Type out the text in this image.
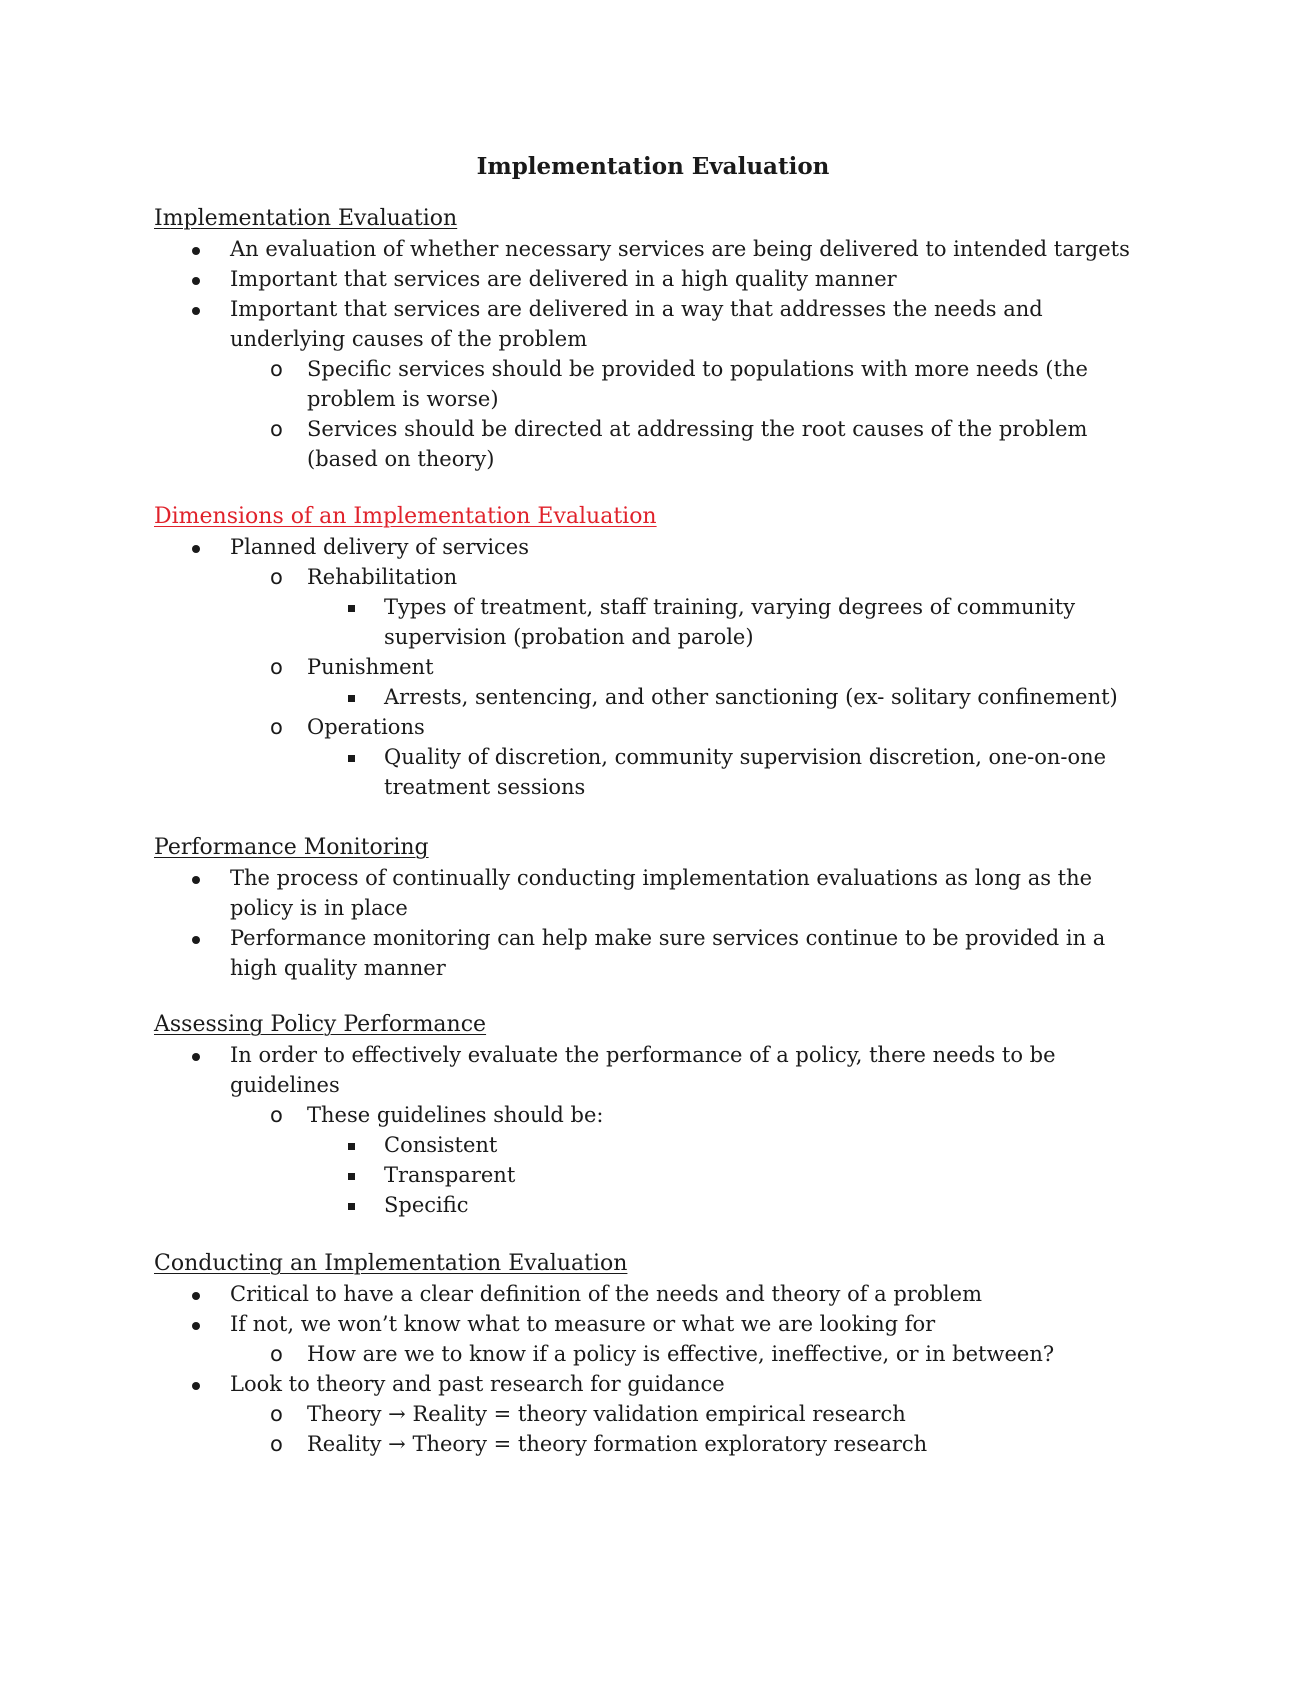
Implementation Evaluation
Implementation Evaluation
An evaluation of whether necessary services are being delivered to intended targets
Important that services are delivered in a high quality manner
Important that services are delivered in a way that addresses the needs and underlying causes of the problem
o Specific services should be provided to populations with more needs (the problem is worse)
o Services should be directed at addressing the root causes of the problem (based on theory)
Dimensions of an Implementation Evaluation
Planned delivery of services
o Rehabilitation
Types of treatment, staff training, varying degrees of community supervision (probation and parole)
o Punishment
Arrests, sentencing, and other sanctioning (ex- solitary confinement)
o Operations
Quality of discretion, community supervision discretion, one-on-one treatment sessions
Performance Monitoring
The process of continually conducting implementation evaluations as long as the policy is in place
Performance monitoring can help make sure services continue to be provided in a high quality manner
Assessing Policy Performance
In order to effectively evaluate the performance of a policy, there needs to be guidelines
o These guidelines should be:
Consistent
Transparent
Specific
Conducting an Implementation Evaluation
Critical to have a clear definition of the needs and theory of a problem
If not, we won’t know what to measure or what we are looking for
o How are we to know if a policy is effective, ineffective, or in between?
Look to theory and past research for guidance
o Theory → Reality = theory validation empirical research
o Reality → Theory = theory formation exploratory research
